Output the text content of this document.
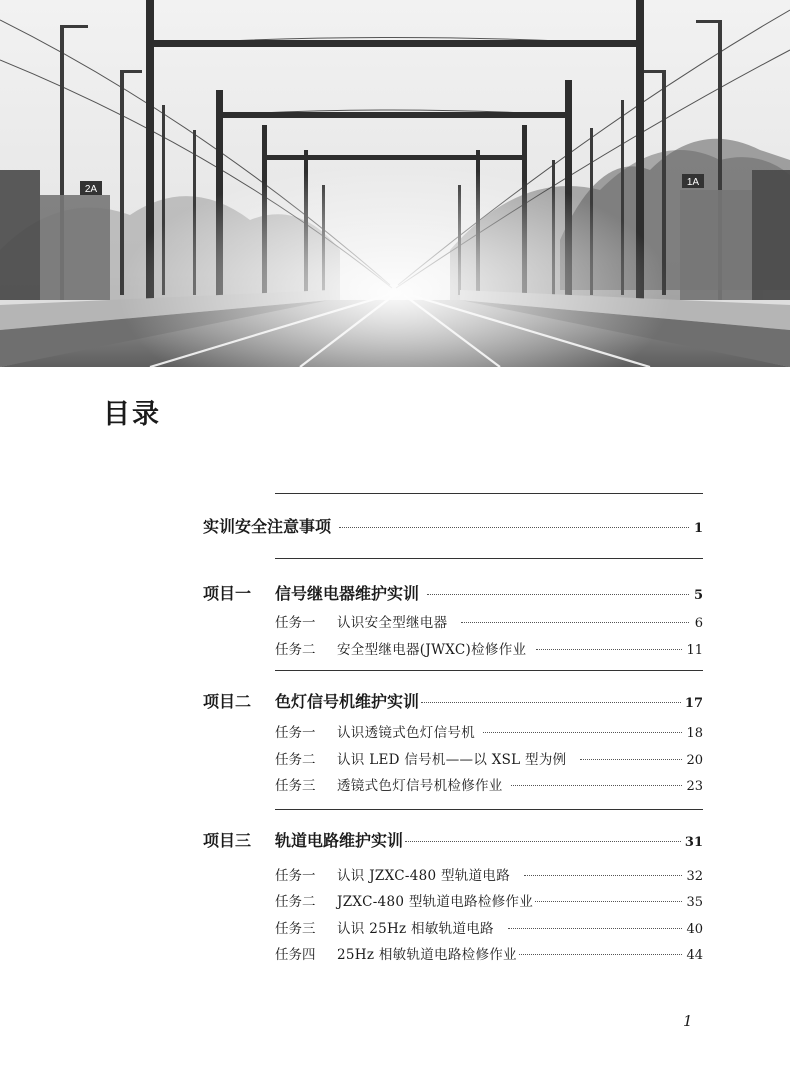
目录
实训安全注意事项	1
项目一	信号继电器维护实训	5
任务一	认识安全型继电器	6
任务二	安全型继电器(JWXC)检修作业	11
项目二	色灯信号机维护实训	17
任务一	认识透镜式色灯信号机	18
任务二	认识 LED 信号机——以 XSL 型为例	20
任务三	透镜式色灯信号机检修作业	23
项目三	轨道电路维护实训	31
任务一	认识 JZXC-480 型轨道电路	32
任务二	JZXC-480 型轨道电路检修作业	35
任务三	认识 25Hz 相敏轨道电路	40
任务四	25Hz 相敏轨道电路检修作业	44
1
